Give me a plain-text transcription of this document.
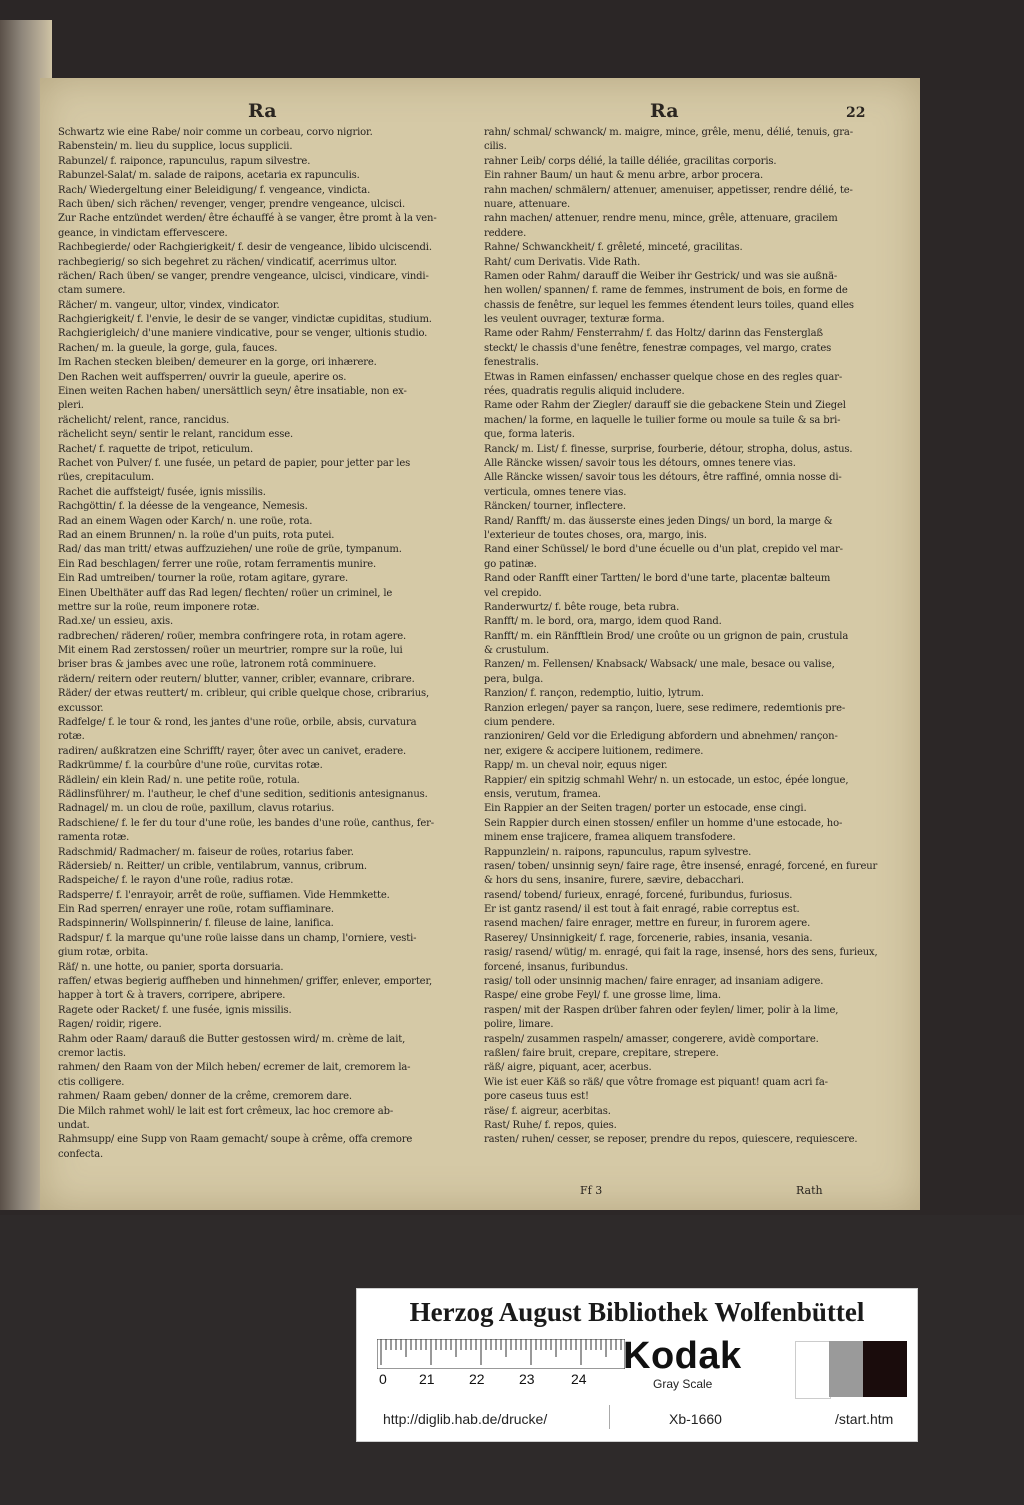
Ra	Ra	22
Schwartz wie eine Rabe/ noir comme un corbeau, corvo nigrior.
Rabenstein/ m. lieu du supplice, locus supplicii.
Rabunzel/ f. raiponce, rapunculus, rapum silvestre.
Rabunzel-Salat/ m. salade de raipons, acetaria ex rapunculis.
Rach/ Wiedergeltung einer Beleidigung/ f. vengeance, vindicta.
Rach üben/ sich rächen/ revenger, venger, prendre vengeance, ulcisci.
Zur Rache entzündet werden/ être échauffé à se vanger, être promt à la ven-
geance, in vindictam effervescere.
Rachbegierde/ oder Rachgierigkeit/ f. desir de vengeance, libido ulciscendi.
rachbegierig/ so sich begehret zu rächen/ vindicatif, acerrimus ultor.
rächen/ Rach üben/ se vanger, prendre vengeance, ulcisci, vindicare, vindi-
ctam sumere.
Rächer/ m. vangeur, ultor, vindex, vindicator.
Rachgierigkeit/ f. l'envie, le desir de se vanger, vindictæ cupiditas, studium.
Rachgierigleich/ d'une maniere vindicative, pour se venger, ultionis studio.
Rachen/ m. la gueule, la gorge, gula, fauces.
Im Rachen stecken bleiben/ demeurer en la gorge, ori inhærere.
Den Rachen weit auffsperren/ ouvrir la gueule, aperire os.
Einen weiten Rachen haben/ unersättlich seyn/ être insatiable, non ex-
pleri.
rächelicht/ relent, rance, rancidus.
rächelicht seyn/ sentir le relant, rancidum esse.
Rachet/ f. raquette de tripot, reticulum.
Rachet von Pulver/ f. une fusée, un petard de papier, pour jetter par les
rües, crepitaculum.
Rachet die auffsteigt/ fusée, ignis missilis.
Rachgöttin/ f. la déesse de la vengeance, Nemesis.
Rad an einem Wagen oder Karch/ n. une roüe, rota.
Rad an einem Brunnen/ n. la roüe d'un puits, rota putei.
Rad/ das man tritt/ etwas auffzuziehen/ une roüe de grüe, tympanum.
Ein Rad beschlagen/ ferrer une roüe, rotam ferramentis munire.
Ein Rad umtreiben/ tourner la roüe, rotam agitare, gyrare.
Einen Ubelthäter auff das Rad legen/ flechten/ roüer un criminel, le
mettre sur la roüe, reum imponere rotæ.
Rad.xe/ un essieu, axis.
radbrechen/ räderen/ roüer, membra confringere rota, in rotam agere.
Mit einem Rad zerstossen/ roüer un meurtrier, rompre sur la roüe, lui
briser bras & jambes avec une roüe, latronem rotâ comminuere.
rädern/ reitern oder reutern/ blutter, vanner, cribler, evannare, cribrare.
Räder/ der etwas reuttert/ m. cribleur, qui crible quelque chose, cribrarius,
excussor.
Radfelge/ f. le tour & rond, les jantes d'une roüe, orbile, absis, curvatura
rotæ.
radiren/ außkratzen eine Schrifft/ rayer, ôter avec un canivet, eradere.
Radkrümme/ f. la courbûre d'une roüe, curvitas rotæ.
Rädlein/ ein klein Rad/ n. une petite roüe, rotula.
Rädlinsführer/ m. l'autheur, le chef d'une sedition, seditionis antesignanus.
Radnagel/ m. un clou de roüe, paxillum, clavus rotarius.
Radschiene/ f. le fer du tour d'une roüe, les bandes d'une roüe, canthus, fer-
ramenta rotæ.
Radschmid/ Radmacher/ m. faiseur de roües, rotarius faber.
Rädersieb/ n. Reitter/ un crible, ventilabrum, vannus, cribrum.
Radspeiche/ f. le rayon d'une roüe, radius rotæ.
Radsperre/ f. l'enrayoir, arrêt de roüe, suffiamen. Vide Hemmkette.
Ein Rad sperren/ enrayer une roüe, rotam suffiaminare.
Radspinnerin/ Wollspinnerin/ f. fileuse de laine, lanifica.
Radspur/ f. la marque qu'une roüe laisse dans un champ, l'orniere, vesti-
gium rotæ, orbita.
Räf/ n. une hotte, ou panier, sporta dorsuaria.
raffen/ etwas begierig auffheben und hinnehmen/ griffer, enlever, emporter,
happer à tort & à travers, corripere, abripere.
Ragete oder Racket/ f. une fusée, ignis missilis.
Ragen/ roidir, rigere.
Rahm oder Raam/ darauß die Butter gestossen wird/ m. crème de lait,
cremor lactis.
rahmen/ den Raam von der Milch heben/ ecremer de lait, cremorem la-
ctis colligere.
rahmen/ Raam geben/ donner de la crême, cremorem dare.
Die Milch rahmet wohl/ le lait est fort crêmeux, lac hoc cremore ab-
undat.
Rahmsupp/ eine Supp von Raam gemacht/ soupe à crême, offa cremore
confecta.
rahn/ schmal/ schwanck/ m. maigre, mince, grêle, menu, délié, tenuis, gra-
cilis.
rahner Leib/ corps délié, la taille déliée, gracilitas corporis.
Ein rahner Baum/ un haut & menu arbre, arbor procera.
rahn machen/ schmälern/ attenuer, amenuiser, appetisser, rendre délié, te-
nuare, attenuare.
rahn machen/ attenuer, rendre menu, mince, grêle, attenuare, gracilem
reddere.
Rahne/ Schwanckheit/ f. grêleté, minceté, gracilitas.
Raht/ cum Derivatis. Vide Rath.
Ramen oder Rahm/ darauff die Weiber ihr Gestrick/ und was sie außnä-
hen wollen/ spannen/ f. rame de femmes, instrument de bois, en forme de
chassis de fenêtre, sur lequel les femmes étendent leurs toiles, quand elles
les veulent ouvrager, texturæ forma.
Rame oder Rahm/ Fensterrahm/ f. das Holtz/ darinn das Fensterglaß
steckt/ le chassis d'une fenêtre, fenestræ compages, vel margo, crates
fenestralis.
Etwas in Ramen einfassen/ enchasser quelque chose en des regles quar-
rées, quadratis regulis aliquid includere.
Rame oder Rahm der Ziegler/ darauff sie die gebackene Stein und Ziegel
machen/ la forme, en laquelle le tuilier forme ou moule sa tuile & sa bri-
que, forma lateris.
Ranck/ m. List/ f. finesse, surprise, fourberie, détour, stropha, dolus, astus.
Alle Räncke wissen/ savoir tous les détours, omnes tenere vias.
Alle Räncke wissen/ savoir tous les détours, être raffiné, omnia nosse di-
verticula, omnes tenere vias.
Räncken/ tourner, inflectere.
Rand/ Ranfft/ m. das äusserste eines jeden Dings/ un bord, la marge &
l'exterieur de toutes choses, ora, margo, inis.
Rand einer Schüssel/ le bord d'une écuelle ou d'un plat, crepido vel mar-
go patinæ.
Rand oder Ranfft einer Tartten/ le bord d'une tarte, placentæ balteum
vel crepido.
Randerwurtz/ f. bête rouge, beta rubra.
Ranfft/ m. le bord, ora, margo, idem quod Rand.
Ranfft/ m. ein Ränfftlein Brod/ une croûte ou un grignon de pain, crustula
& crustulum.
Ranzen/ m. Fellensen/ Knabsack/ Wabsack/ une male, besace ou valise,
pera, bulga.
Ranzion/ f. rançon, redemptio, luitio, lytrum.
Ranzion erlegen/ payer sa rançon, luere, sese redimere, redemtionis pre-
cium pendere.
ranzioniren/ Geld vor die Erledigung abfordern und abnehmen/ rançon-
ner, exigere & accipere luitionem, redimere.
Rapp/ m. un cheval noir, equus niger.
Rappier/ ein spitzig schmahl Wehr/ n. un estocade, un estoc, épée longue,
ensis, verutum, framea.
Ein Rappier an der Seiten tragen/ porter un estocade, ense cingi.
Sein Rappier durch einen stossen/ enfiler un homme d'une estocade, ho-
minem ense trajicere, framea aliquem transfodere.
Rappunzlein/ n. raipons, rapunculus, rapum sylvestre.
rasen/ toben/ unsinnig seyn/ faire rage, être insensé, enragé, forcené, en fureur
& hors du sens, insanire, furere, sævire, debacchari.
rasend/ tobend/ furieux, enragé, forcené, furibundus, furiosus.
Er ist gantz rasend/ il est tout à fait enragé, rabie correptus est.
rasend machen/ faire enrager, mettre en fureur, in furorem agere.
Raserey/ Unsinnigkeit/ f. rage, forcenerie, rabies, insania, vesania.
rasig/ rasend/ wütig/ m. enragé, qui fait la rage, insensé, hors des sens, furieux,
forcené, insanus, furibundus.
rasig/ toll oder unsinnig machen/ faire enrager, ad insaniam adigere.
Raspe/ eine grobe Feyl/ f. une grosse lime, lima.
raspen/ mit der Raspen drüber fahren oder feylen/ limer, polir à la lime,
polire, limare.
raspeln/ zusammen raspeln/ amasser, congerere, avidè comportare.
raßlen/ faire bruit, crepare, crepitare, strepere.
räß/ aigre, piquant, acer, acerbus.
Wie ist euer Käß so räß/ que vôtre fromage est piquant! quam acri fa-
pore caseus tuus est!
räse/ f. aigreur, acerbitas.
Rast/ Ruhe/ f. repos, quies.
rasten/ ruhen/ cesser, se reposer, prendre du repos, quiescere, requiescere.
Ff 3	Rath
Herzog August Bibliothek Wolfenbüttel
0 21 22 23	24
Kodak
Gray Scale
http://diglib.hab.de/drucke/	Xb-1660	/start.htm
